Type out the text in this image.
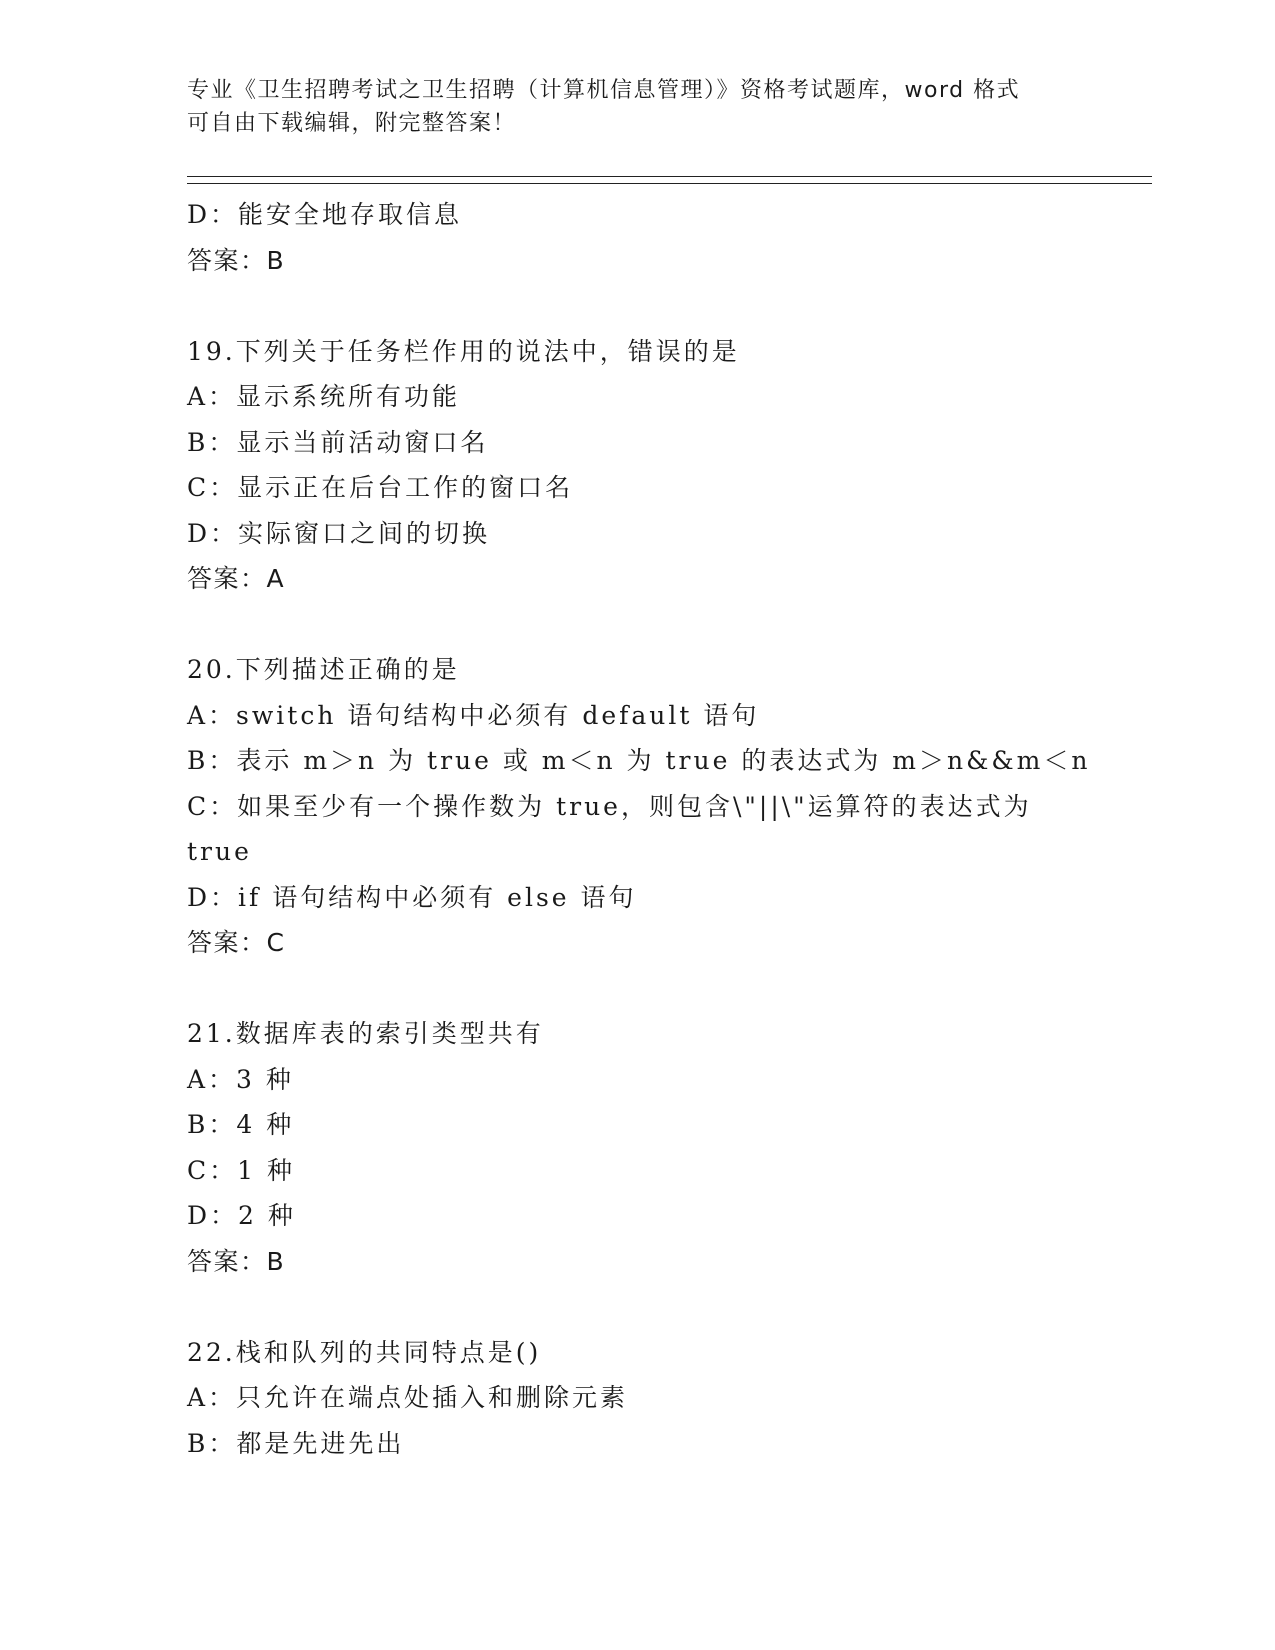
专业《卫生招聘考试之卫生招聘（计算机信息管理）》资格考试题库，word 格式
可自由下载编辑，附完整答案！
D：能安全地存取信息
答案：B
19.下列关于任务栏作用的说法中，错误的是
A：显示系统所有功能
B：显示当前活动窗口名
C：显示正在后台工作的窗口名
D：实际窗口之间的切换
答案：A
20.下列描述正确的是
A：switch 语句结构中必须有 default 语句
B：表示 m＞n 为 true 或 m＜n 为 true 的表达式为 m＞n&&m＜n
C：如果至少有一个操作数为 true，则包含\"||\"运算符的表达式为
true
D：if 语句结构中必须有 else 语句
答案：C
21.数据库表的索引类型共有
A：3 种
B：4 种
C：1 种
D：2 种
答案：B
22.栈和队列的共同特点是()
A：只允许在端点处插入和删除元素
B：都是先进先出
